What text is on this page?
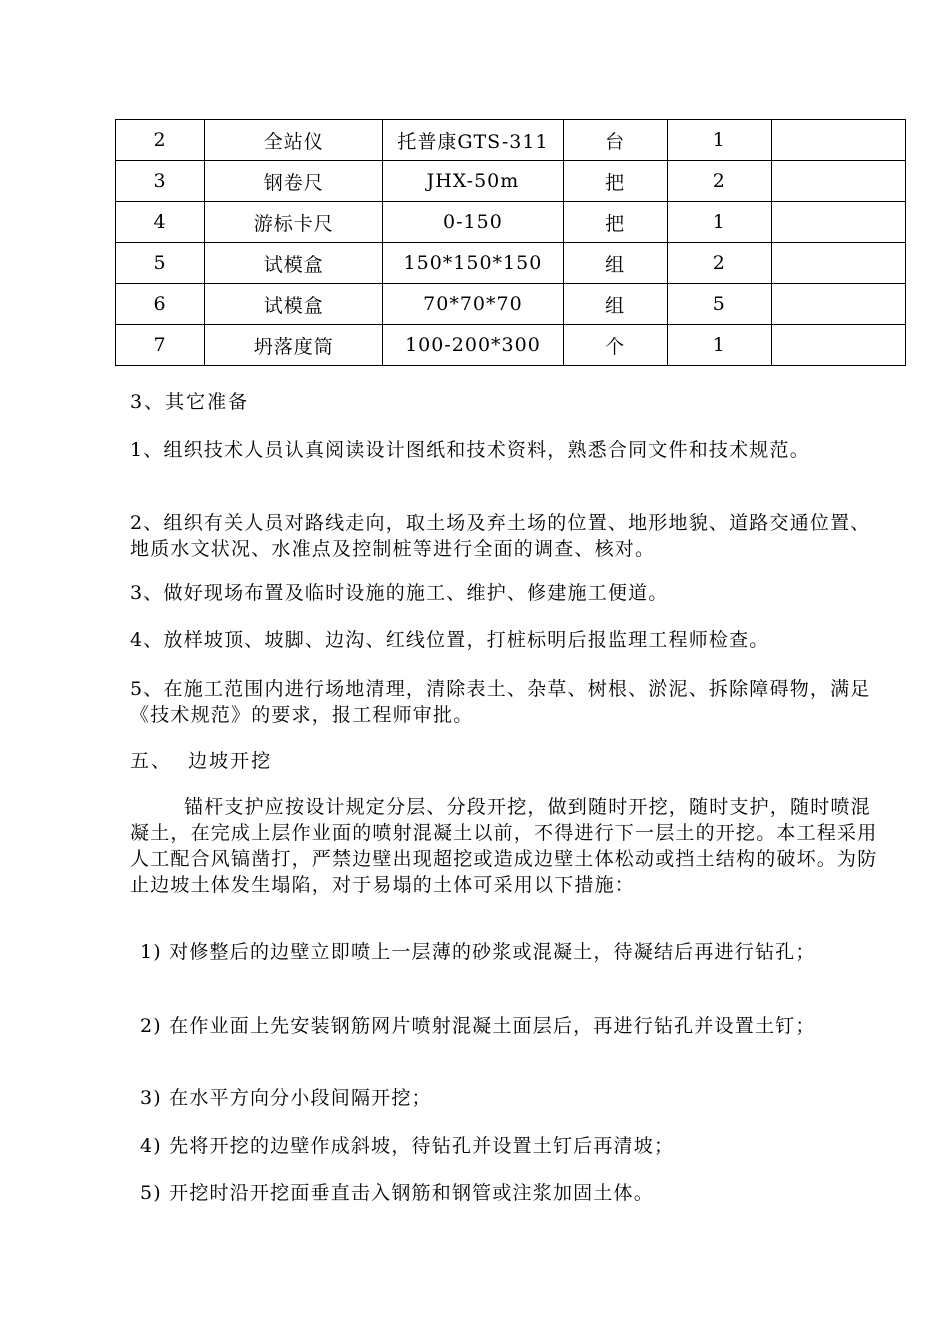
2	全站仪	托普康GTS-311	台	1	
3	钢卷尺	JHX-50m	把	2	
4	游标卡尺	0-150	把	1	
5	试模盒	150*150*150	组	2	
6	试模盒	70*70*70	组	5	
7	坍落度筒	100-200*300	个	1	

3、其它准备

1、组织技术人员认真阅读设计图纸和技术资料，熟悉合同文件和技术规范。

2、组织有关人员对路线走向，取土场及弃土场的位置、地形地貌、道路交通位置、地质水文状况、水准点及控制桩等进行全面的调查、核对。

3、做好现场布置及临时设施的施工、维护、修建施工便道。

4、放样坡顶、坡脚、边沟、红线位置，打桩标明后报监理工程师检查。

5、在施工范围内进行场地清理，清除表土、杂草、树根、淤泥、拆除障碍物，满足《技术规范》的要求，报工程师审批。

五、  边坡开挖

锚杆支护应按设计规定分层、分段开挖，做到随时开挖，随时支护，随时喷混凝土，在完成上层作业面的喷射混凝土以前，不得进行下一层土的开挖。本工程采用人工配合风镐凿打，严禁边壁出现超挖或造成边壁土体松动或挡土结构的破坏。为防止边坡土体发生塌陷，对于易塌的土体可采用以下措施：

1) 对修整后的边壁立即喷上一层薄的砂浆或混凝土，待凝结后再进行钻孔；

2) 在作业面上先安装钢筋网片喷射混凝土面层后，再进行钻孔并设置土钉；

3) 在水平方向分小段间隔开挖；

4) 先将开挖的边壁作成斜坡，待钻孔并设置土钉后再清坡；

5) 开挖时沿开挖面垂直击入钢筋和钢管或注浆加固土体。
